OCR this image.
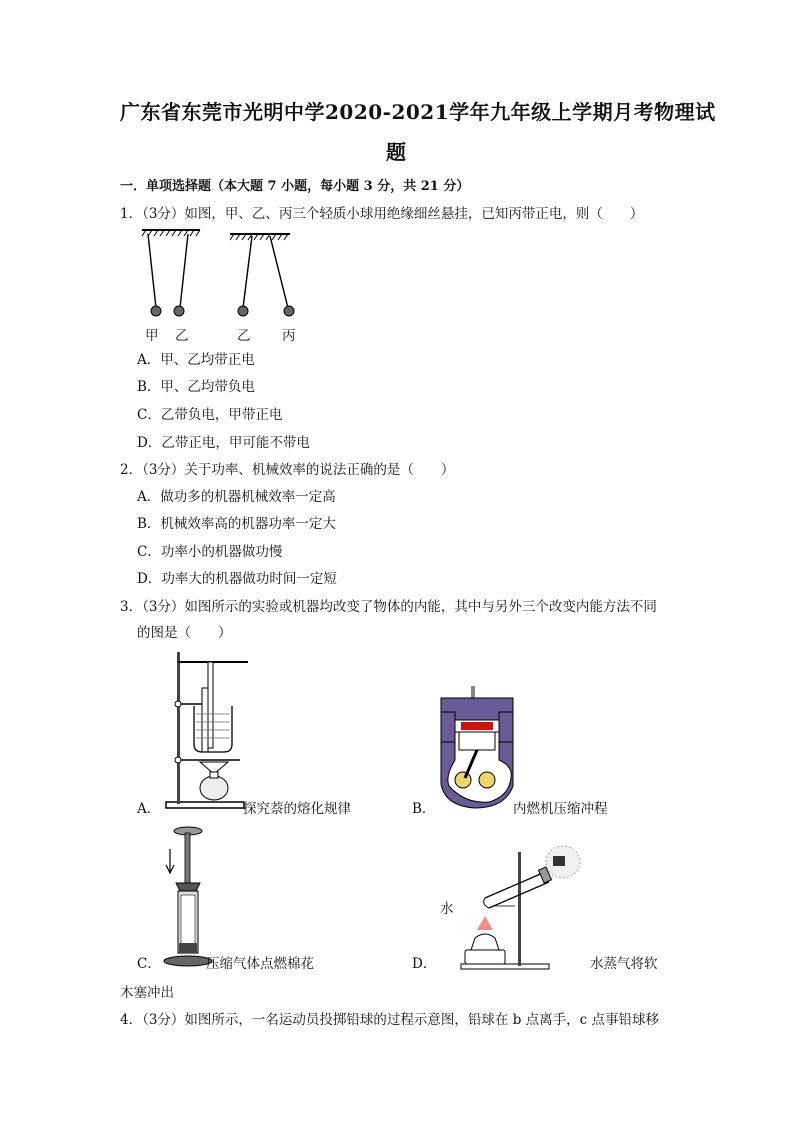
广东省东莞市光明中学2020-2021学年九年级上学期月考物理试
题
一．单项选择题（本大题 7 小题，每小题 3 分，共 21 分）
1．（3分）如图，甲、乙、丙三个轻质小球用绝缘细丝悬挂，已知丙带正电，则（　　）
甲 乙	乙 丙
A．甲、乙均带正电
B．甲、乙均带负电
C．乙带负电，甲带正电
D．乙带正电，甲可能不带电
2．（3分）关于功率、机械效率的说法正确的是（　　）
A．做功多的机器机械效率一定高
B．机械效率高的机器功率一定大
C．功率小的机器做功慢
D．功率大的机器做功时间一定短
3．（3分）如图所示的实验或机器均改变了物体的内能，其中与另外三个改变内能方法不同
的图是（　　）
A．	探究萘的熔化规律	B．	内燃机压缩冲程
C．	压缩气体点燃棉花
水
D．	水蒸气将软
木塞冲出
4．（3分）如图所示，一名运动员投掷铅球的过程示意图，铅球在 b 点离手，c 点事铅球移
